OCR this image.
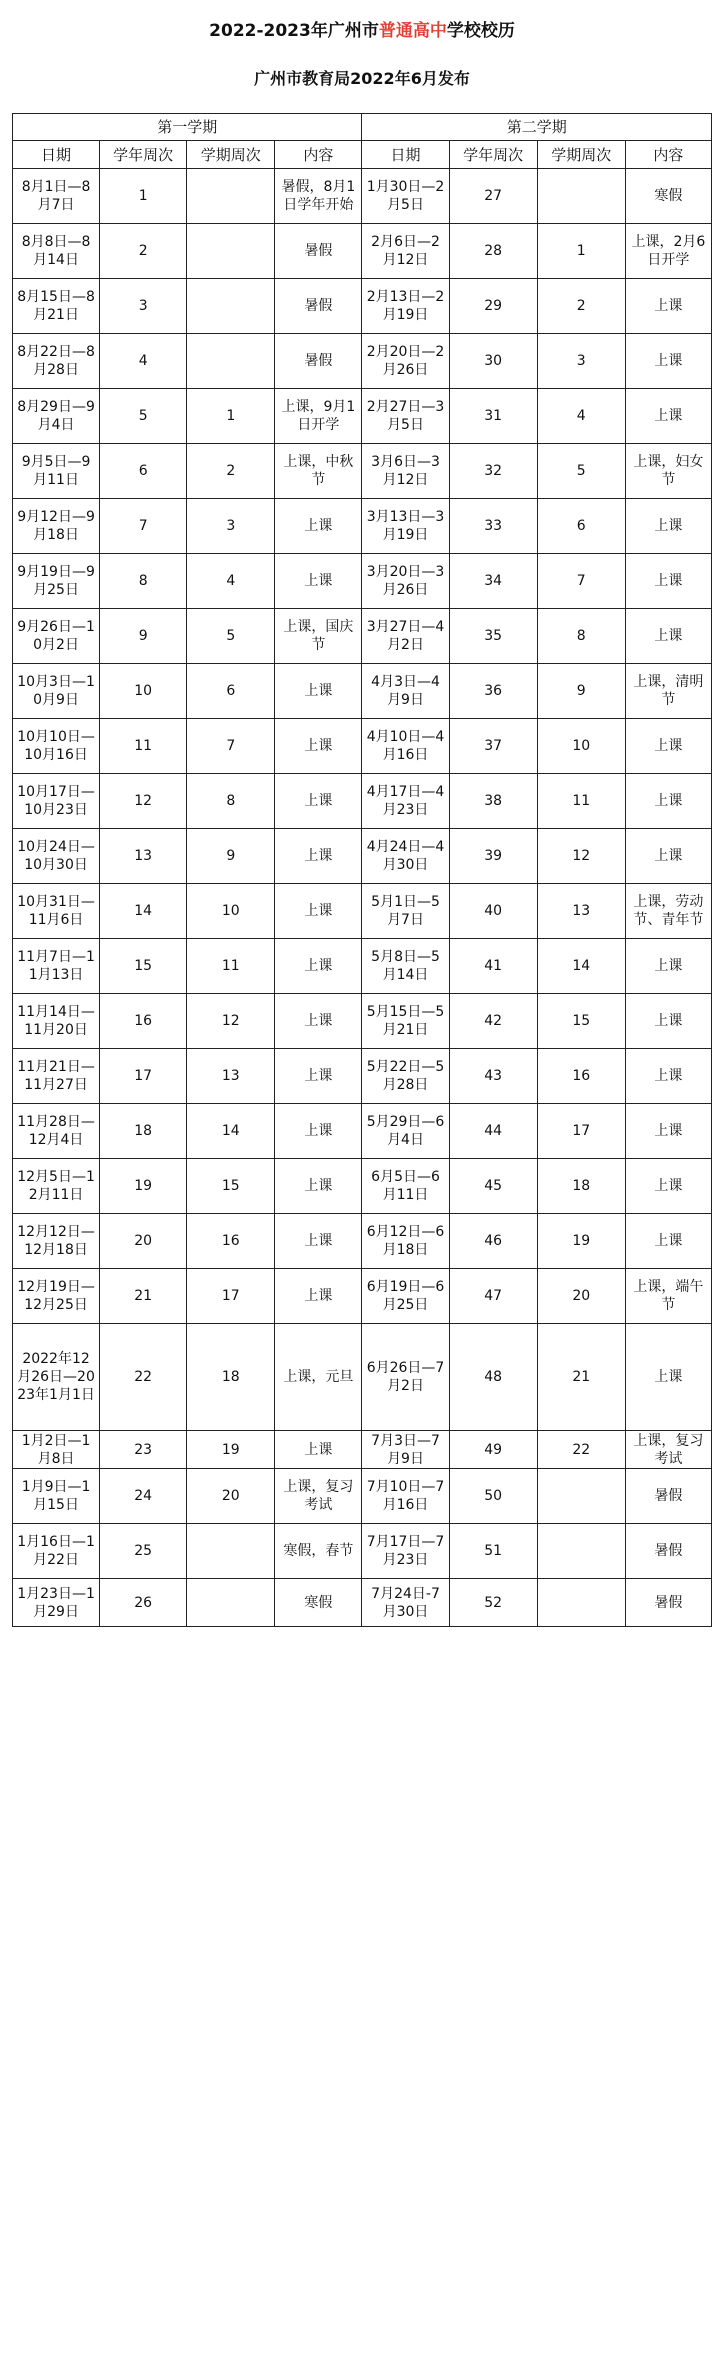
2022-2023年广州市普通高中学校校历
广州市教育局2022年6月发布
第一学期				第二学期			
日期	学年周次	学期周次	内容	日期	学年周次	学期周次	内容
8月1日—8月7日	1		暑假，8月1日学年开始	1月30日—2月5日	27		寒假
8月8日—8月14日	2		暑假	2月6日—2月12日	28	1	上课，2月6日开学
8月15日—8月21日	3		暑假	2月13日—2月19日	29	2	上课
8月22日—8月28日	4		暑假	2月20日—2月26日	30	3	上课
8月29日—9月4日	5	1	上课，9月1日开学	2月27日—3月5日	31	4	上课
9月5日—9月11日	6	2	上课，中秋节	3月6日—3月12日	32	5	上课，妇女节
9月12日—9月18日	7	3	上课	3月13日—3月19日	33	6	上课
9月19日—9月25日	8	4	上课	3月20日—3月26日	34	7	上课
9月26日—10月2日	9	5	上课，国庆节	3月27日—4月2日	35	8	上课
10月3日—10月9日	10	6	上课	4月3日—4月9日	36	9	上课，清明节
10月10日—10月16日	11	7	上课	4月10日—4月16日	37	10	上课
10月17日—10月23日	12	8	上课	4月17日—4月23日	38	11	上课
10月24日—10月30日	13	9	上课	4月24日—4月30日	39	12	上课
10月31日—11月6日	14	10	上课	5月1日—5月7日	40	13	上课，劳动节、青年节
11月7日—11月13日	15	11	上课	5月8日—5月14日	41	14	上课
11月14日—11月20日	16	12	上课	5月15日—5月21日	42	15	上课
11月21日—11月27日	17	13	上课	5月22日—5月28日	43	16	上课
11月28日—12月4日	18	14	上课	5月29日—6月4日	44	17	上课
12月5日—12月11日	19	15	上课	6月5日—6月11日	45	18	上课
12月12日—12月18日	20	16	上课	6月12日—6月18日	46	19	上课
12月19日—12月25日	21	17	上课	6月19日—6月25日	47	20	上课，端午节
2022年12月26日—2023年1月1日	22	18	上课，元旦	6月26日—7月2日	48	21	上课
1月2日—1月8日	23	19	上课	7月3日—7月9日	49	22	上课，复习考试
1月9日—1月15日	24	20	上课，复习考试	7月10日—7月16日	50		暑假
1月16日—1月22日	25		寒假，春节	7月17日—7月23日	51		暑假
1月23日—1月29日	26		寒假	7月24日-7月30日	52		暑假
